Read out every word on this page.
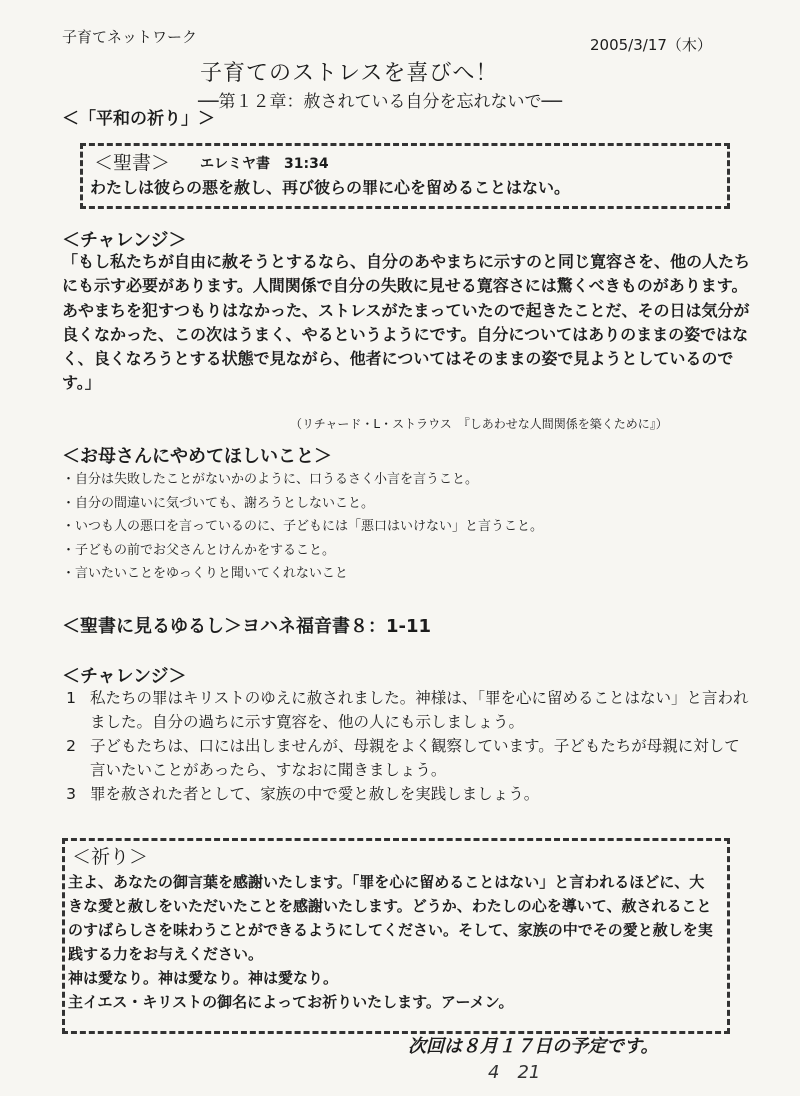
子育てネットワーク	2005/3/17（木）
子育てのストレスを喜びへ！
──第１２章：赦されている自分を忘れないで──
＜「平和の祈り」＞
＜聖書＞ エレミヤ書　31:34
わたしは彼らの悪を赦し、再び彼らの罪に心を留めることはない。
＜チャレンジ＞
「もし私たちが自由に赦そうとするなら、自分のあやまちに示すのと同じ寛容さを、他の人たちにも示す必要があります。人間関係で自分の失敗に見せる寛容さには驚くべきものがあります。あやまちを犯すつもりはなかった、ストレスがたまっていたので起きたことだ、その日は気分が良くなかった、この次はうまく、やるというようにです。自分についてはありのままの姿ではなく、良くなろうとする状態で見ながら、他者についてはそのままの姿で見ようとしているのです。」
（リチャード・L・ストラウス　『しあわせな人間関係を築くために』）
＜お母さんにやめてほしいこと＞
・自分は失敗したことがないかのように、口うるさく小言を言うこと。
・自分の間違いに気づいても、謝ろうとしないこと。
・いつも人の悪口を言っているのに、子どもには「悪口はいけない」と言うこと。
・子どもの前でお父さんとけんかをすること。
・言いたいことをゆっくりと聞いてくれないこと
＜聖書に見るゆるし＞ヨハネ福音書８：1-11
＜チャレンジ＞
1 私たちの罪はキリストのゆえに赦されました。神様は、「罪を心に留めることはない」と言われました。自分の過ちに示す寛容を、他の人にも示しましょう。
2 子どもたちは、口には出しませんが、母親をよく観察しています。子どもたちが母親に対して言いたいことがあったら、すなおに聞きましょう。
3 罪を赦された者として、家族の中で愛と赦しを実践しましょう。
＜祈り＞
主よ、あなたの御言葉を感謝いたします。「罪を心に留めることはない」と言われるほどに、大きな愛と赦しをいただいたことを感謝いたします。どうか、わたしの心を導いて、赦されることのすばらしさを味わうことができるようにしてください。そして、家族の中でその愛と赦しを実践する力をお与えください。
神は愛なり。神は愛なり。神は愛なり。
主イエス・キリストの御名によってお祈りいたします。アーメン。
次回は８月１７日の予定です。
4　21
